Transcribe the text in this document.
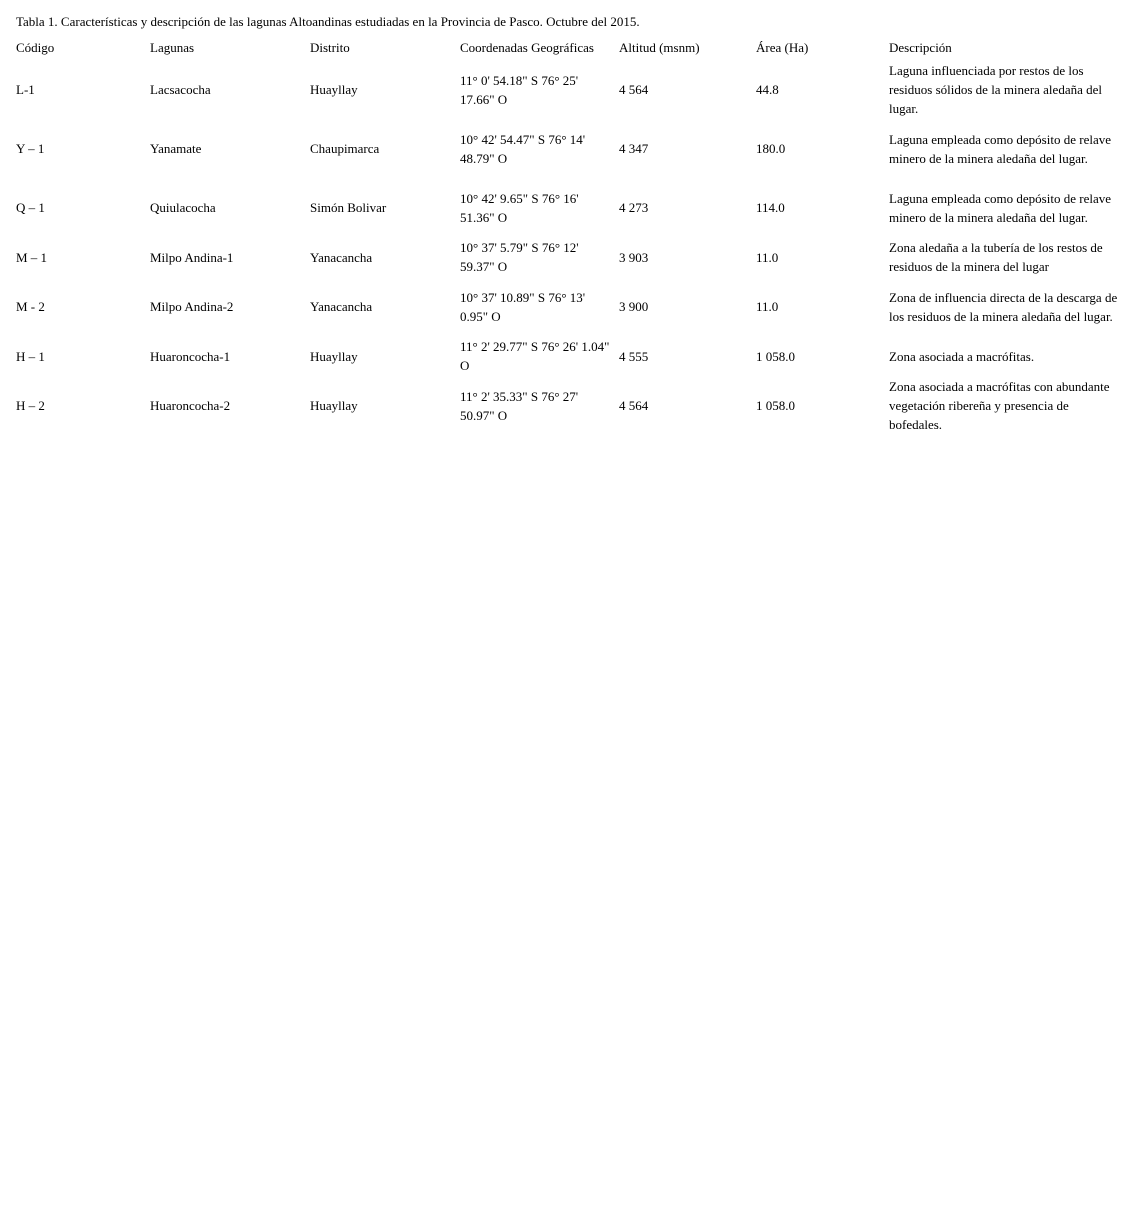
Tabla 1. Características y descripción de las lagunas Altoandinas estudiadas en la Provincia de Pasco. Octubre del 2015.
Código	Lagunas	Distrito	Coordenadas Geográficas	Altitud (msnm)	Área (Ha)	Descripción
L-1	Lacsacocha	Huayllay	11° 0' 54.18" S 76° 25' 17.66" O	4 564	44.8	Laguna influenciada por restos de los residuos sólidos de la minera aledaña del lugar.
Y – 1	Yanamate	Chaupimarca	10° 42' 54.47" S 76° 14' 48.79" O	4 347	180.0	Laguna empleada como depósito de relave minero de la minera aledaña del lugar.
Q – 1	Quiulacocha	Simón Bolivar	10° 42' 9.65" S 76° 16' 51.36" O	4 273	114.0	Laguna empleada como depósito de relave minero de la minera aledaña del lugar.
M – 1	Milpo Andina-1	Yanacancha	10° 37' 5.79" S 76° 12' 59.37" O	3 903	11.0	Zona aledaña a la tubería de los restos de residuos de la minera del lugar
M - 2	Milpo Andina-2	Yanacancha	10° 37' 10.89" S 76° 13' 0.95" O	3 900	11.0	Zona de influencia directa de la descarga de los residuos de la minera aledaña del lugar.
H – 1	Huaroncocha-1	Huayllay	11° 2' 29.77" S 76° 26' 1.04" O	4 555	1 058.0	Zona asociada a macrófitas.
H – 2	Huaroncocha-2	Huayllay	11° 2' 35.33" S 76° 27' 50.97" O	4 564	1 058.0	Zona asociada a macrófitas con abundante vegetación ribereña y presencia de bofedales.
